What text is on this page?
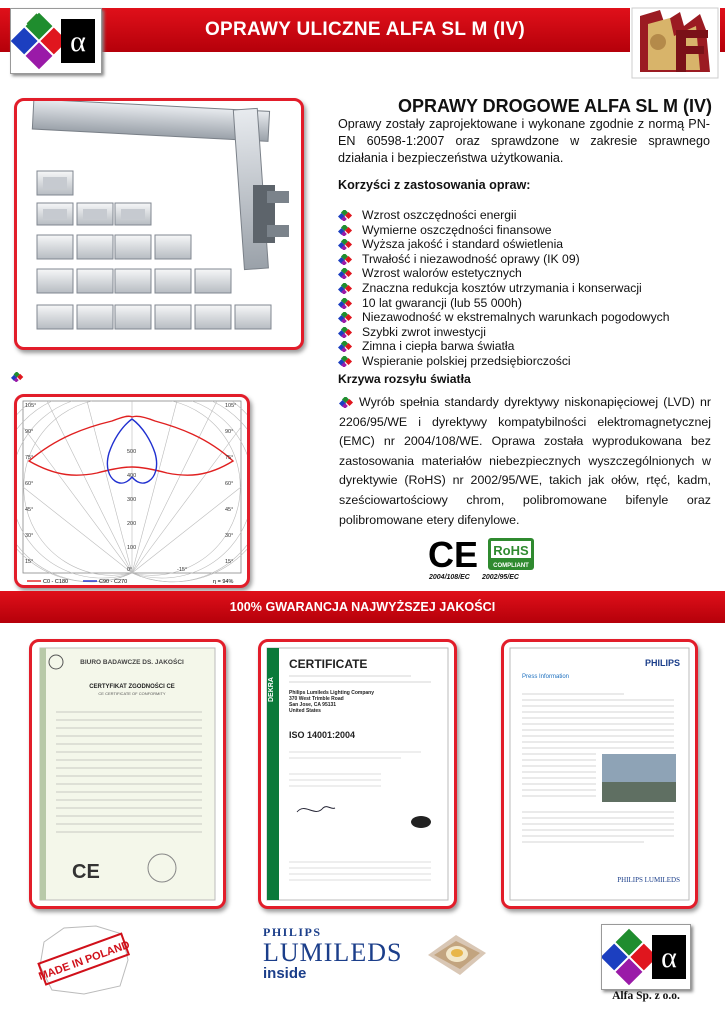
OPRAWY ULICZNE ALFA SL M (IV)
α
105°
90°
75°
60°
45°
30°
15°
105°
90°
75°
60°
45°
30°
15°
100
200
300
400
500
0°	-15°
C0 - C180	C90 - C270	η = 94%
OPRAWY DROGOWE ALFA SL M (IV)
Oprawy zostały zaprojektowane i wykonane zgodnie z normą PN-EN 60598-1:2007 oraz sprawdzone w zakresie sprawnego działania i bezpieczeństwa użytkowania.
Korzyści z zastosowania opraw:
Wzrost oszczędności energii
Wymierne oszczędności finansowe
Wyższa jakość i standard oświetlenia
Trwałość i niezawodność oprawy (IK 09)
Wzrost walorów estetycznych
Znaczna redukcja kosztów utrzymania i konserwacji
10 lat gwarancji (lub 55 000h)
Niezawodność w ekstremalnych warunkach pogodowych
Szybki zwrot inwestycji
Zimna i ciepła barwa światła
Wspieranie polskiej przedsiębiorczości
Krzywa rozsyłu światła
Wyrób spełnia standardy dyrektywy niskonapięciowej (LVD) nr 2206/95/WE i dyrektywy kompatybilności elektromagnetycznej (EMC) nr 2004/108/WE. Oprawa została wyprodukowana bez zastosowania materiałów niebezpiecznych wyszczególnionych w dyrektywie (RoHS) nr 2002/95/WE, takich jak ołów, rtęć, kadm, sześciowartościowy chrom, polibromowane bifenyle oraz polibromowane etery difenylowe.
CE RoHS
COMPLIANT
2004/108/EC 2002/95/EC
100% GWARANCJA NAJWYŻSZEJ JAKOŚCI
BIURO BADAWCZE DS. JAKOŚCI
CERTYFIKAT ZGODNOŚCI CE
CE CERTIFICATE OF CONFORMITY
CE
DEKRA
CERTIFICATE
Philips Lumileds Lighting Company
370 West Trimble Road
San Jose, CA 95131
United States
ISO 14001:2004
PHILIPS
Press Information
PHILIPS LUMILEDS
MADE IN POLAND
PHILIPS
LUMILEDS
inside	α
Alfa Sp. z o.o.
